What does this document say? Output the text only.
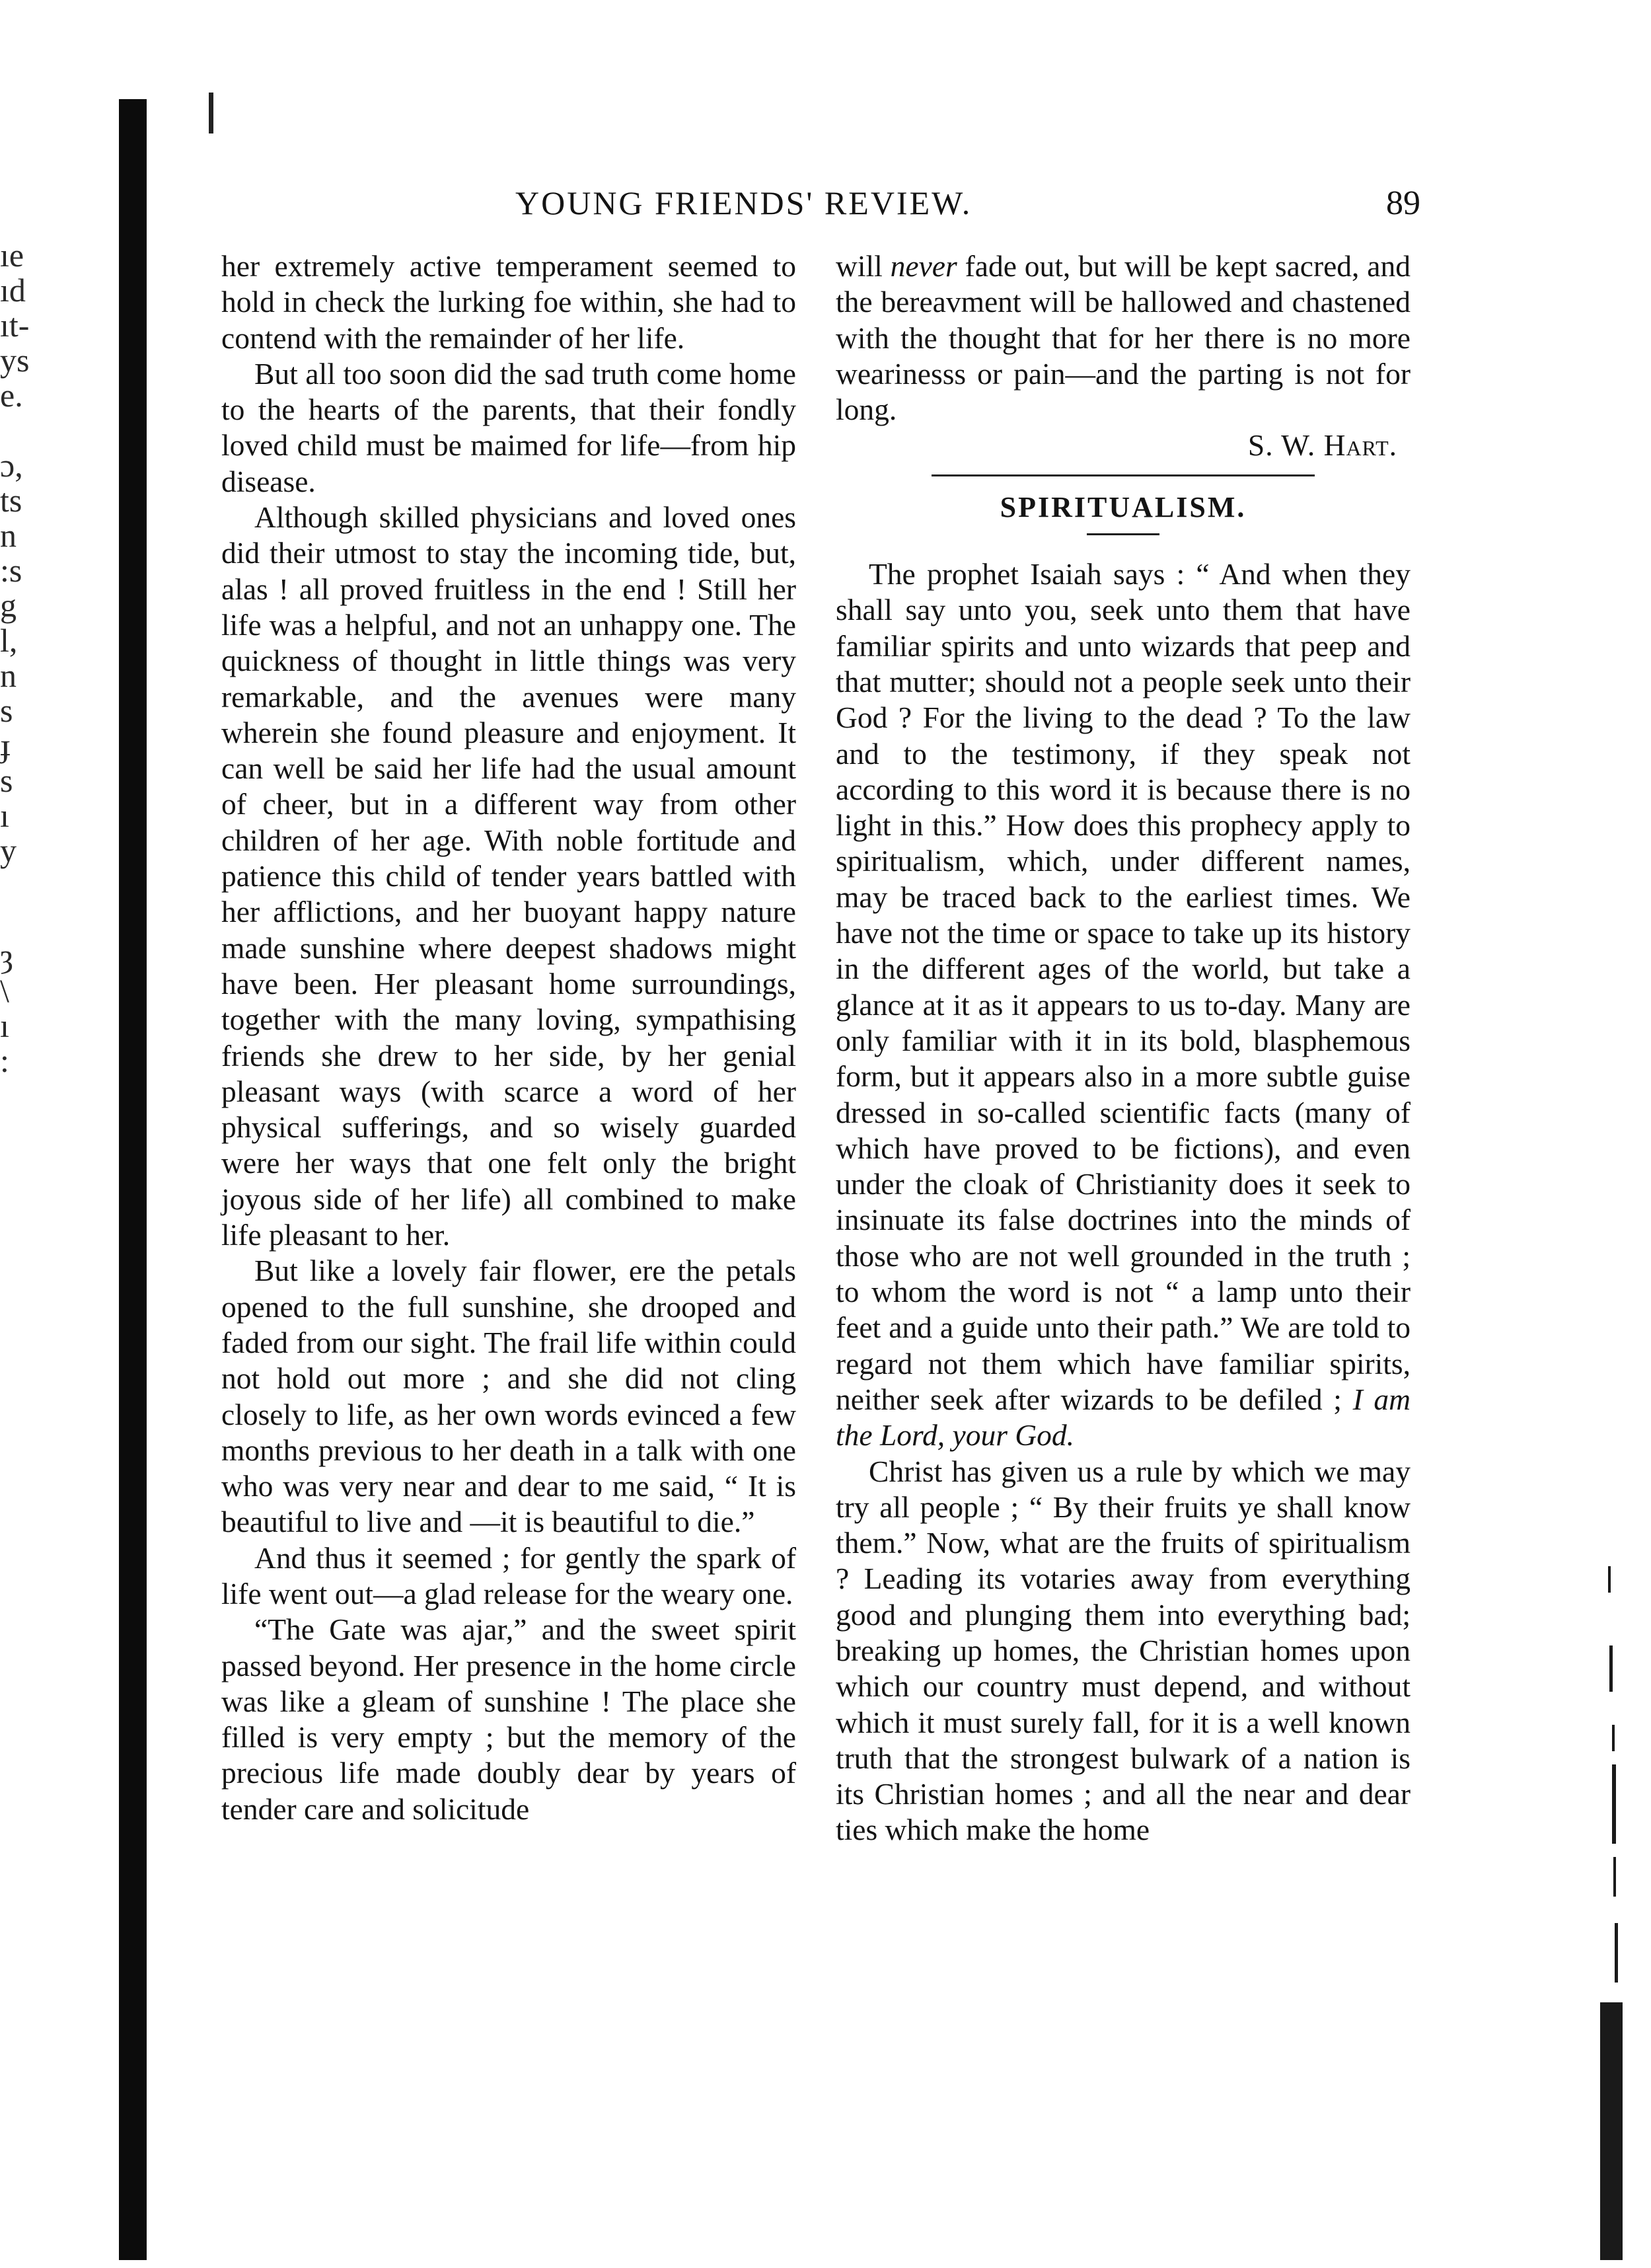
ıe
ıd
ıt-
ys
e.

ɔ,
ts
n
:s
g
l,
n
s
ɟ
s
ı
y

ȝ
\
ı
:
YOUNG FRIENDS' REVIEW.	89

her extremely active temperament seemed to hold in check the lurking foe within, she had to contend with the remainder of her life.

But all too soon did the sad truth come home to the hearts of the parents, that their fondly loved child must be maimed for life—from hip disease.

Although skilled physicians and loved ones did their utmost to stay the incoming tide, but, alas ! all proved fruitless in the end ! Still her life was a helpful, and not an unhappy one. The quickness of thought in little things was very remarkable, and the avenues were many wherein she found pleasure and enjoyment. It can well be said her life had the usual amount of cheer, but in a different way from other children of her age. With noble fortitude and patience this child of tender years battled with her afflictions, and her buoyant happy nature made sunshine where deepest shadows might have been. Her pleasant home surroundings, together with the many loving, sympathising friends she drew to her side, by her genial pleasant ways (with scarce a word of her physical sufferings, and so wisely guarded were her ways that one felt only the bright joyous side of her life) all combined to make life pleasant to her.

But like a lovely fair flower, ere the petals opened to the full sunshine, she drooped and faded from our sight. The frail life within could not hold out more ; and she did not cling closely to life, as her own words evinced a few months previous to her death in a talk with one who was very near and dear to me said, “ It is beautiful to live and —it is beautiful to die.”

And thus it seemed ; for gently the spark of life went out—a glad release for the weary one.

“The Gate was ajar,” and the sweet spirit passed beyond. Her presence in the home circle was like a gleam of sunshine ! The place she filled is very empty ; but the memory of the precious life made doubly dear by years of tender care and solicitude

will never fade out, but will be kept sacred, and the bereavment will be hallowed and chastened with the thought that for her there is no more wearinesss or pain—and the parting is not for long.

S. W. Hart.

SPIRITUALISM.

The prophet Isaiah says : “ And when they shall say unto you, seek unto them that have familiar spirits and unto wizards that peep and that mutter; should not a people seek unto their God ? For the living to the dead ? To the law and to the testimony, if they speak not according to this word it is because there is no light in this.” How does this prophecy apply to spiritualism, which, under different names, may be traced back to the earliest times. We have not the time or space to take up its history in the different ages of the world, but take a glance at it as it appears to us to-day. Many are only familiar with it in its bold, blasphemous form, but it appears also in a more subtle guise dressed in so-called scientific facts (many of which have proved to be fictions), and even under the cloak of Christianity does it seek to insinuate its false doctrines into the minds of those who are not well grounded in the truth ; to whom the word is not “ a lamp unto their feet and a guide unto their path.” We are told to regard not them which have familiar spirits, neither seek after wizards to be defiled ; I am the Lord, your God.

Christ has given us a rule by which we may try all people ; “ By their fruits ye shall know them.” Now, what are the fruits of spiritualism ? Leading its votaries away from everything good and plunging them into everything bad; breaking up homes, the Christian homes upon which our country must depend, and without which it must surely fall, for it is a well known truth that the strongest bulwark of a nation is its Christian homes ; and all the near and dear ties which make the home
